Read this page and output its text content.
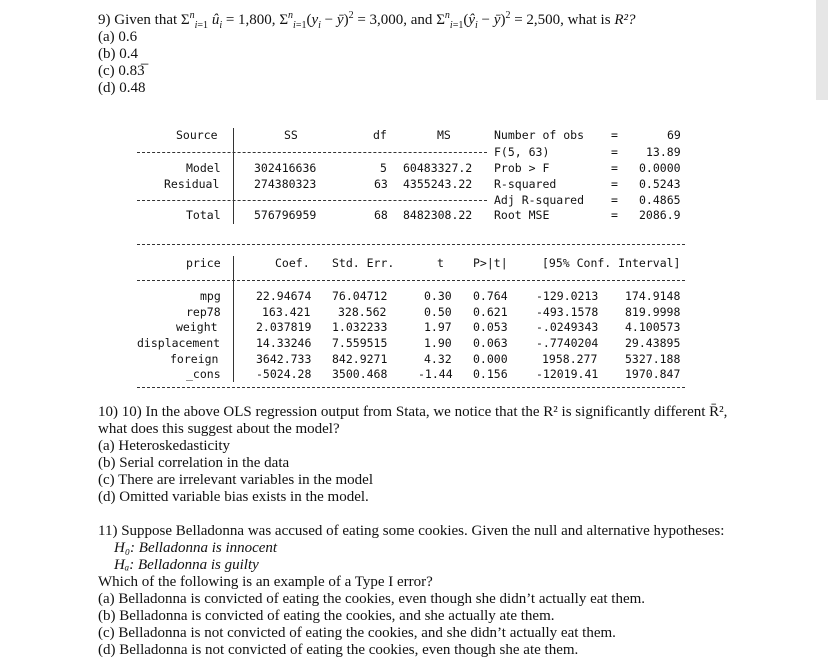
9) Given that $\Sigma^n_{i=1}$ $û_i = 1,800$, $\Sigma^n_{i=1}(y_i$ − ȳ)$^2$ = 3,000, and $\Sigma^n_{i=1}(ŷ_i$ − ȳ)$^2$ = 2,500, what is R²?
(a) 0.6
(b) 0.4
(c) 0.83̅
(d) 0.48
Source	SS	df	MS
Model	302416636	5 60483327.2
Residual	274380323	63 4355243.22
Total	576796959	68 8482308.22
Number of obs =	69
F(5, 63)	= 13.89
Prob > F	= 0.0000
R-squared	= 0.5243
Adj R-squared = 0.4865
Root MSE	= 2086.9
price	Coef. Std. Err.	t	P>|t|	[95% Conf. Interval]
mpg	22.94674 76.04712	0.30 0.764 -129.0213 174.9148
rep78	163.421 328.562	0.50 0.621 -493.1578 819.9998
weight	2.037819 1.032233	1.97 0.053 -.0249343 4.100573
displacement	14.33246 7.559515	1.90 0.063 -.7740204 29.43895
foreign	3642.733 842.9271	4.32 0.000	1958.277 5327.188
_cons	-5024.28 3500.468	-1.44 0.156 -12019.41 1970.847
10) 10) In the above OLS regression output from Stata, we notice that the R² is significantly different R̄²,
what does this suggest about the model?
(a) Heteroskedasticity
(b) Serial correlation in the data
(c) There are irrelevant variables in the model
(d) Omitted variable bias exists in the model.
11) Suppose Belladonna was accused of eating some cookies. Given the null and alternative hypotheses:
H₀: Belladonna is innocent
Hₐ: Belladonna is guilty
Which of the following is an example of a Type I error?
(a) Belladonna is convicted of eating the cookies, even though she didn’t actually eat them.
(b) Belladonna is convicted of eating the cookies, and she actually ate them.
(c) Belladonna is not convicted of eating the cookies, and she didn’t actually eat them.
(d) Belladonna is not convicted of eating the cookies, even though she ate them.
